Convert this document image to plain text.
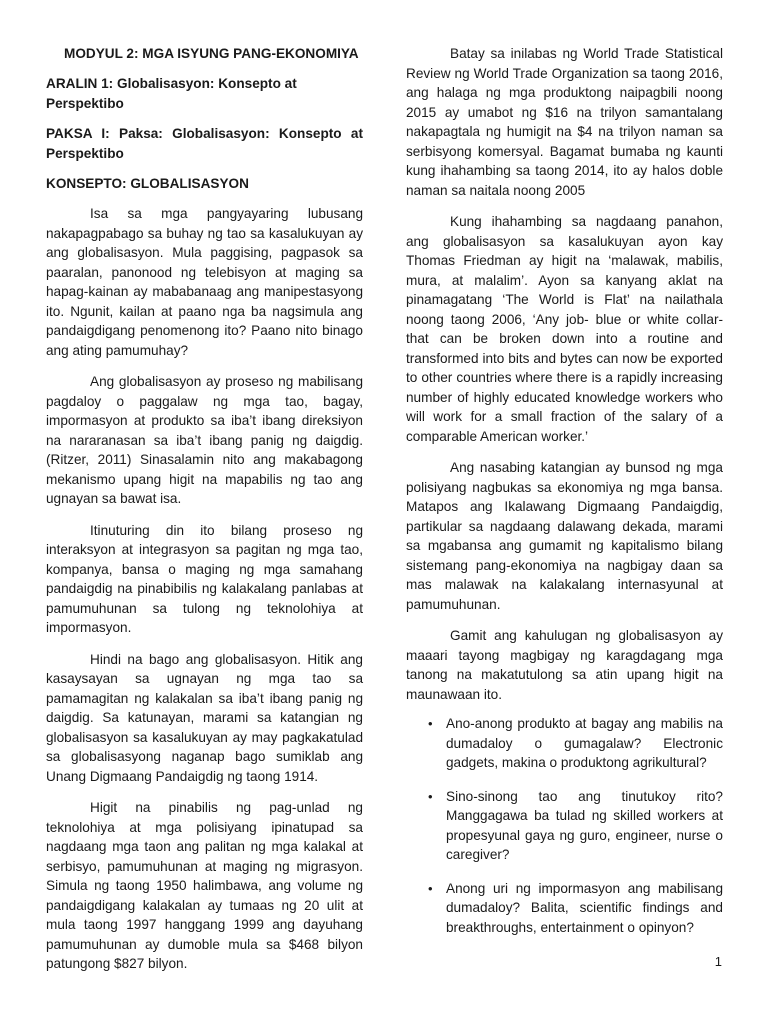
MODYUL 2: MGA ISYUNG PANG-EKONOMIYA
ARALIN 1: Globalisasyon: Konsepto at Perspektibo
PAKSA I: Paksa: Globalisasyon: Konsepto at Perspektibo
KONSEPTO: GLOBALISASYON

Isa sa mga pangyayaring lubusang nakapagpabago sa buhay ng tao sa kasalukuyan ay ang globalisasyon. Mula paggising, pagpasok sa paaralan, panonood ng telebisyon at maging sa hapag-kainan ay mababanaag ang manipestasyong ito. Ngunit, kailan at paano nga ba nagsimula ang pandaigdigang penomenong ito? Paano nito binago ang ating pamumuhay?

Ang globalisasyon ay proseso ng mabilisang pagdaloy o paggalaw ng mga tao, bagay, impormasyon at produkto sa iba’t ibang direksiyon na nararanasan sa iba’t ibang panig ng daigdig. (Ritzer, 2011) Sinasalamin nito ang makabagong mekanismo upang higit na mapabilis ng tao ang ugnayan sa bawat isa.

Itinuturing din ito bilang proseso ng interaksyon at integrasyon sa pagitan ng mga tao, kompanya, bansa o maging ng mga samahang pandaigdig na pinabibilis ng kalakalang panlabas at pamumuhunan sa tulong ng teknolohiya at impormasyon.

Hindi na bago ang globalisasyon. Hitik ang kasaysayan sa ugnayan ng mga tao sa pamamagitan ng kalakalan sa iba’t ibang panig ng daigdig. Sa katunayan, marami sa katangian ng globalisasyon sa kasalukuyan ay may pagkakatulad sa globalisasyong naganap bago sumiklab ang Unang Digmaang Pandaigdig ng taong 1914.

Higit na pinabilis ng pag-unlad ng teknolohiya at mga polisiyang ipinatupad sa nagdaang mga taon ang palitan ng mga kalakal at serbisyo, pamumuhunan at maging ng migrasyon. Simula ng taong 1950 halimbawa, ang volume ng pandaigdigang kalakalan ay tumaas ng 20 ulit at mula taong 1997 hanggang 1999 ang dayuhang pamumuhunan ay dumoble mula sa $468 bilyon patungong $827 bilyon.

Batay sa inilabas ng World Trade Statistical Review ng World Trade Organization sa taong 2016, ang halaga ng mga produktong naipagbili noong 2015 ay umabot ng $16 na trilyon samantalang nakapagtala ng humigit na $4 na trilyon naman sa serbisyong komersyal. Bagamat bumaba ng kaunti kung ihahambing sa taong 2014, ito ay halos doble naman sa naitala noong 2005

Kung ihahambing sa nagdaang panahon, ang globalisasyon sa kasalukuyan ayon kay Thomas Friedman ay higit na ‘malawak, mabilis, mura, at malalim’. Ayon sa kanyang aklat na pinamagatang ‘The World is Flat’ na nailathala noong taong 2006, ‘Any job- blue or white collar- that can be broken down into a routine and transformed into bits and bytes can now be exported to other countries where there is a rapidly increasing number of highly educated knowledge workers who will work for a small fraction of the salary of a comparable American worker.’

Ang nasabing katangian ay bunsod ng mga polisiyang nagbukas sa ekonomiya ng mga bansa. Matapos ang Ikalawang Digmaang Pandaigdig, partikular sa nagdaang dalawang dekada, marami sa mgabansa ang gumamit ng kapitalismo bilang sistemang pang-ekonomiya na nagbigay daan sa mas malawak na kalakalang internasyunal at pamumuhunan.

Gamit ang kahulugan ng globalisasyon ay maaari tayong magbigay ng karagdagang mga tanong na makatutulong sa atin upang higit na maunawaan ito.

• Ano-anong produkto at bagay ang mabilis na dumadaloy o gumagalaw? Electronic gadgets, makina o produktong agrikultural?
• Sino-sinong tao ang tinutukoy rito? Manggagawa ba tulad ng skilled workers at propesyunal gaya ng guro, engineer, nurse o caregiver?
• Anong uri ng impormasyon ang mabilisang dumadaloy? Balita, scientific findings and breakthroughs, entertainment o opinyon?
1
